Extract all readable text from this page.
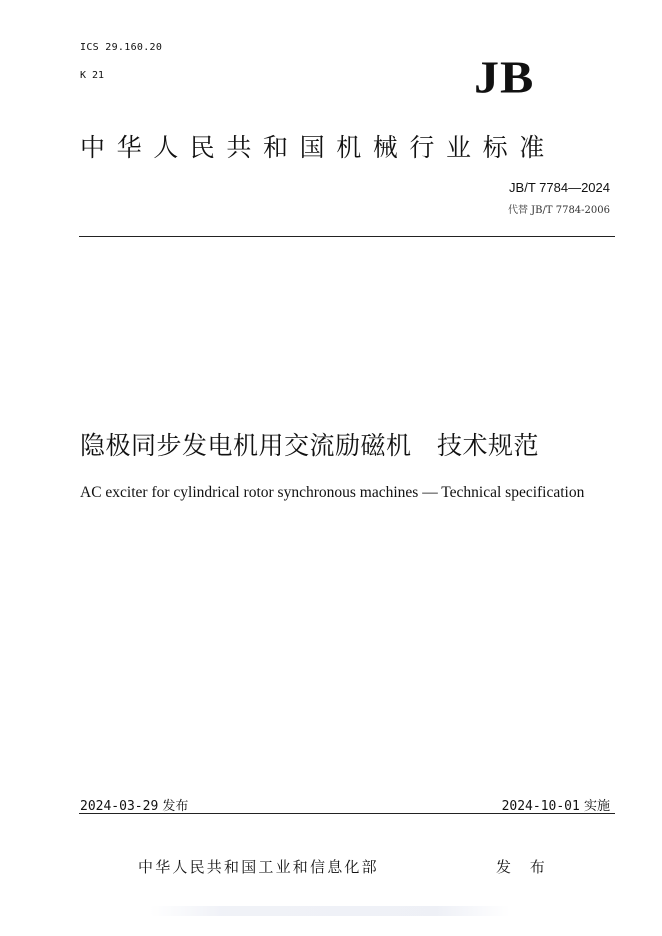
ICS 29.160.20
K 21	JB
中华人民共和国机械行业标准
JB/T 7784—2024
代替 JB/T 7784-2006
隐极同步发电机用交流励磁机　技术规范
AC exciter for cylindrical rotor synchronous machines — Technical specification
2024-03-29 发布	2024-10-01 实施
中华人民共和国工业和信息化部	发 布
